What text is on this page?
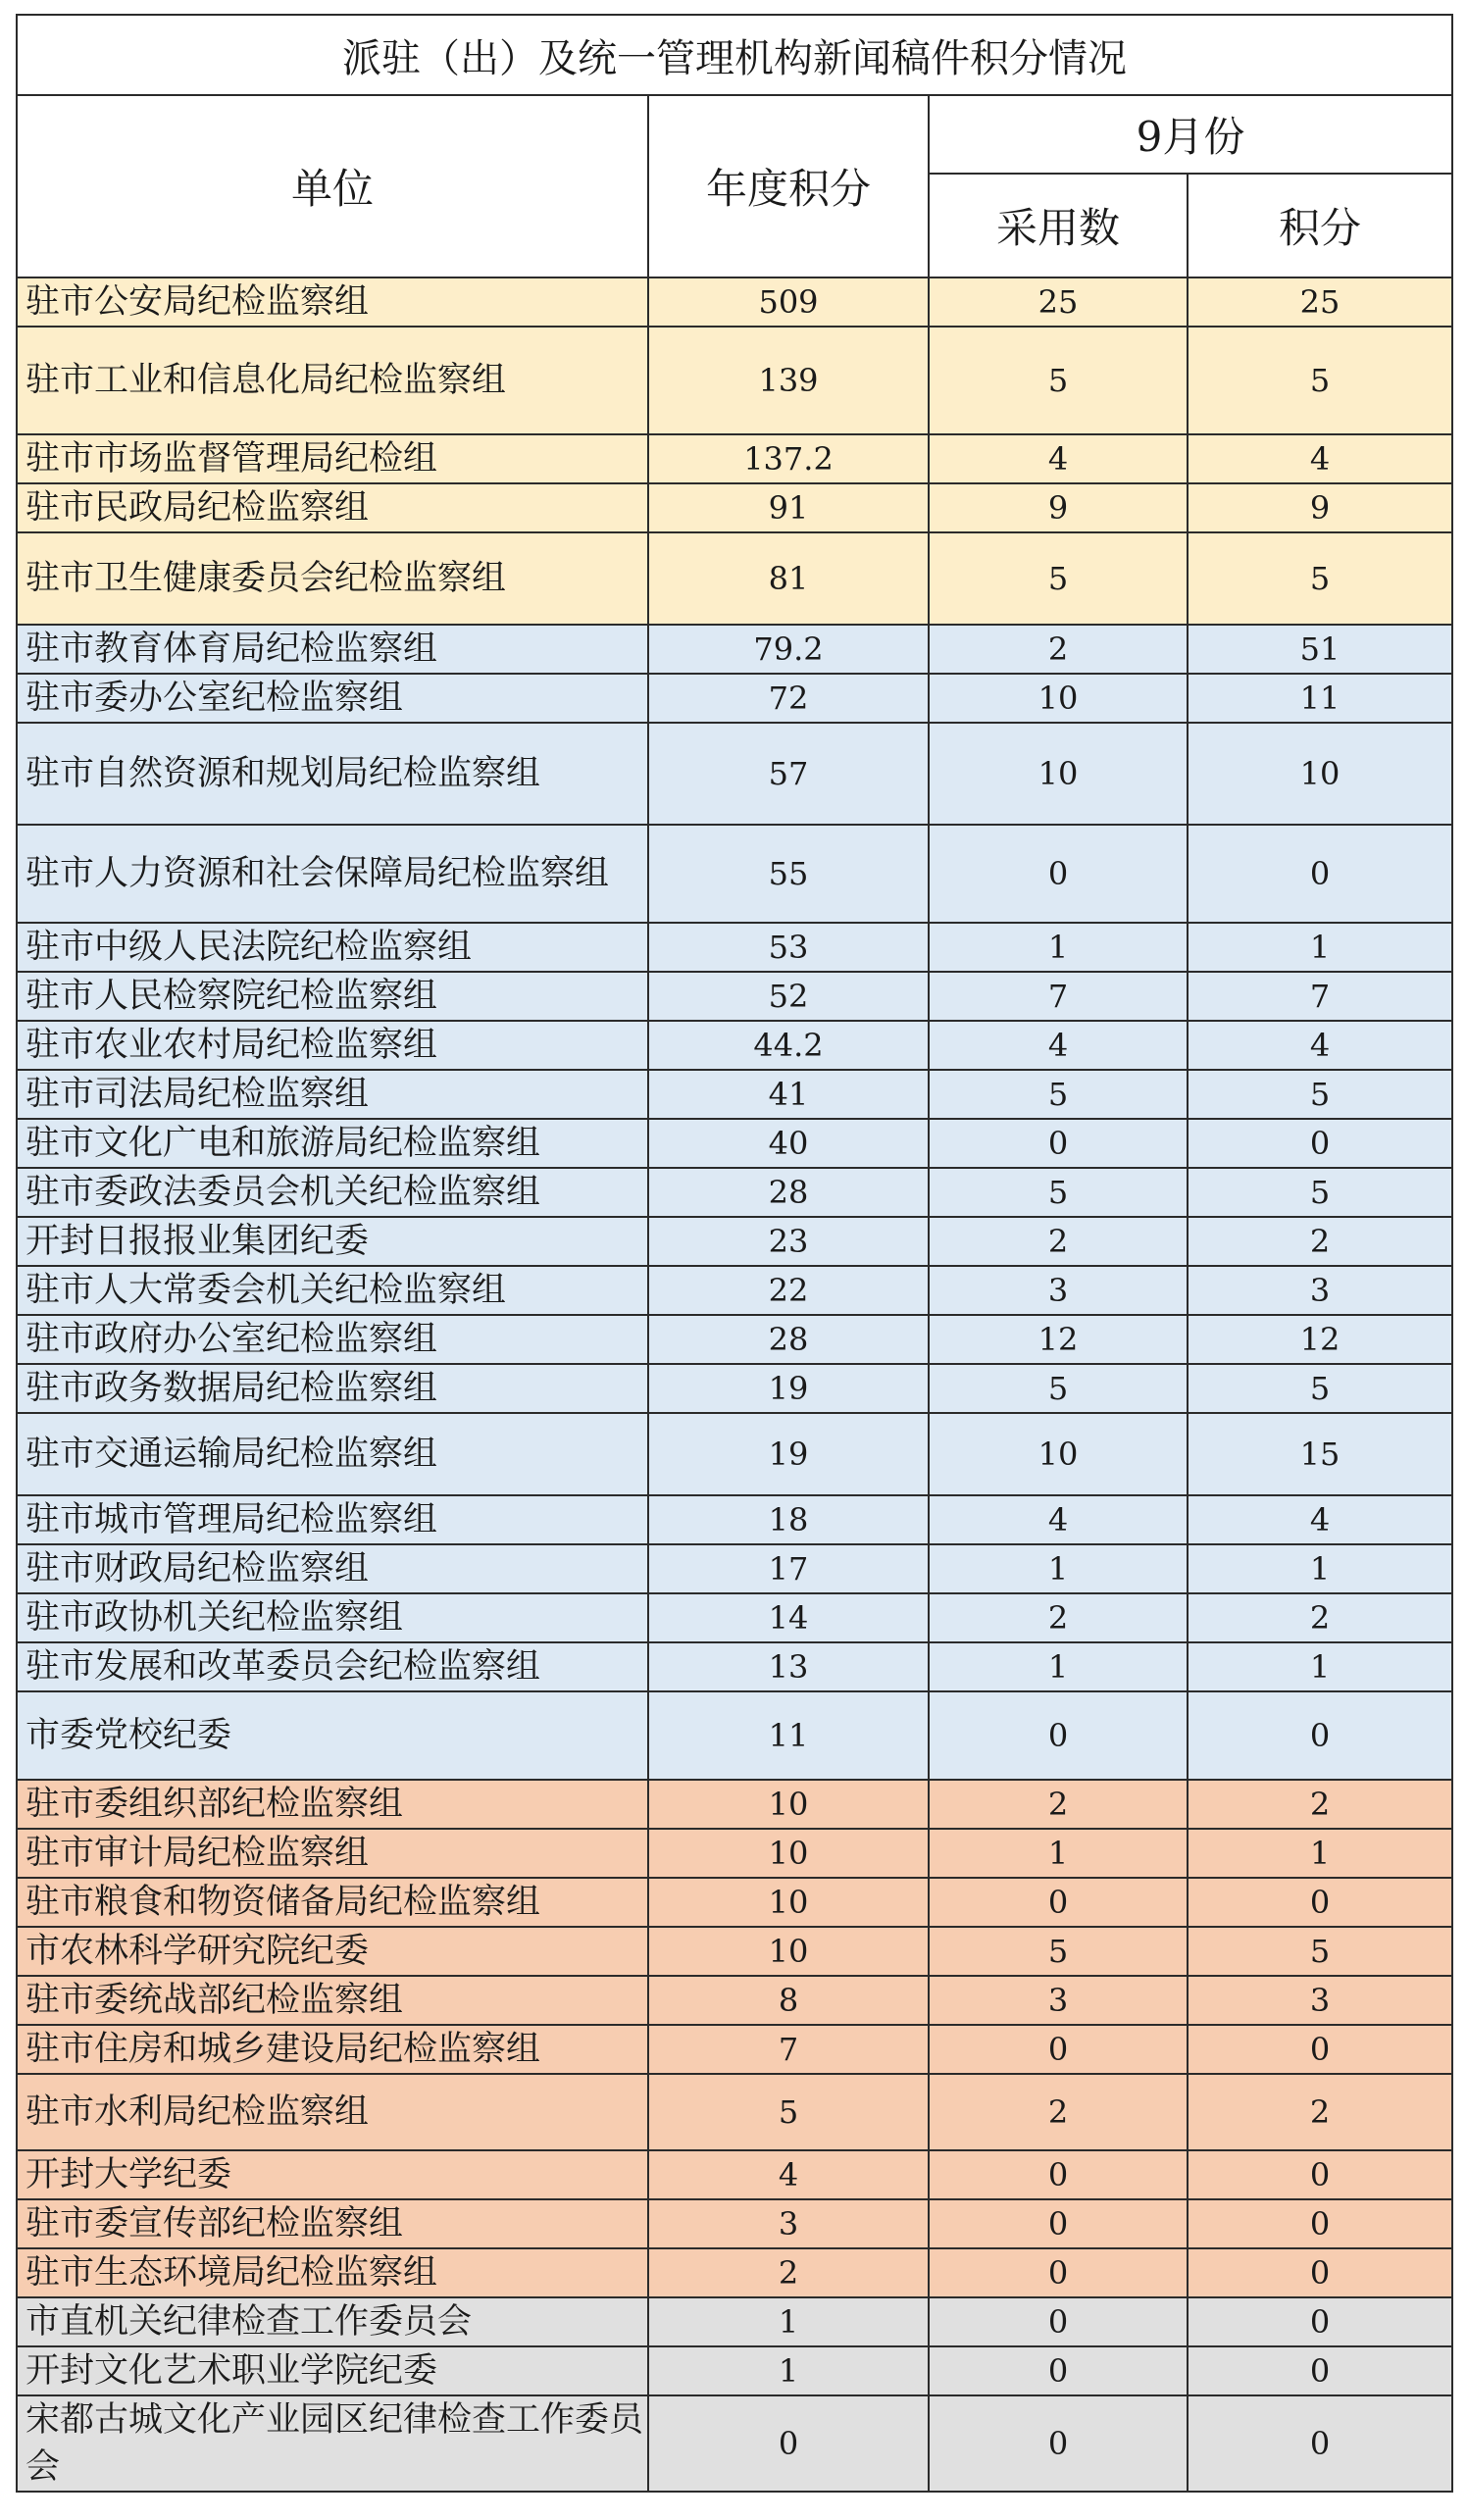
派驻（出）及统一管理机构新闻稿件积分情况			
单位	年度积分	9月份	
		采用数	积分
驻市公安局纪检监察组	509	25	25
驻市工业和信息化局纪检监察组	139	5	5
驻市市场监督管理局纪检组	137.2	4	4
驻市民政局纪检监察组	91	9	9
驻市卫生健康委员会纪检监察组	81	5	5
驻市教育体育局纪检监察组	79.2	2	51
驻市委办公室纪检监察组	72	10	11
驻市自然资源和规划局纪检监察组	57	10	10
驻市人力资源和社会保障局纪检监察组	55	0	0
驻市中级人民法院纪检监察组	53	1	1
驻市人民检察院纪检监察组	52	7	7
驻市农业农村局纪检监察组	44.2	4	4
驻市司法局纪检监察组	41	5	5
驻市文化广电和旅游局纪检监察组	40	0	0
驻市委政法委员会机关纪检监察组	28	5	5
开封日报报业集团纪委	23	2	2
驻市人大常委会机关纪检监察组	22	3	3
驻市政府办公室纪检监察组	28	12	12
驻市政务数据局纪检监察组	19	5	5
驻市交通运输局纪检监察组	19	10	15
驻市城市管理局纪检监察组	18	4	4
驻市财政局纪检监察组	17	1	1
驻市政协机关纪检监察组	14	2	2
驻市发展和改革委员会纪检监察组	13	1	1
市委党校纪委	11	0	0
驻市委组织部纪检监察组	10	2	2
驻市审计局纪检监察组	10	1	1
驻市粮食和物资储备局纪检监察组	10	0	0
市农林科学研究院纪委	10	5	5
驻市委统战部纪检监察组	8	3	3
驻市住房和城乡建设局纪检监察组	7	0	0
驻市水利局纪检监察组	5	2	2
开封大学纪委	4	0	0
驻市委宣传部纪检监察组	3	0	0
驻市生态环境局纪检监察组	2	0	0
市直机关纪律检查工作委员会	1	0	0
开封文化艺术职业学院纪委	1	0	0
宋都古城文化产业园区纪律检查工作委员会	0	0	0
